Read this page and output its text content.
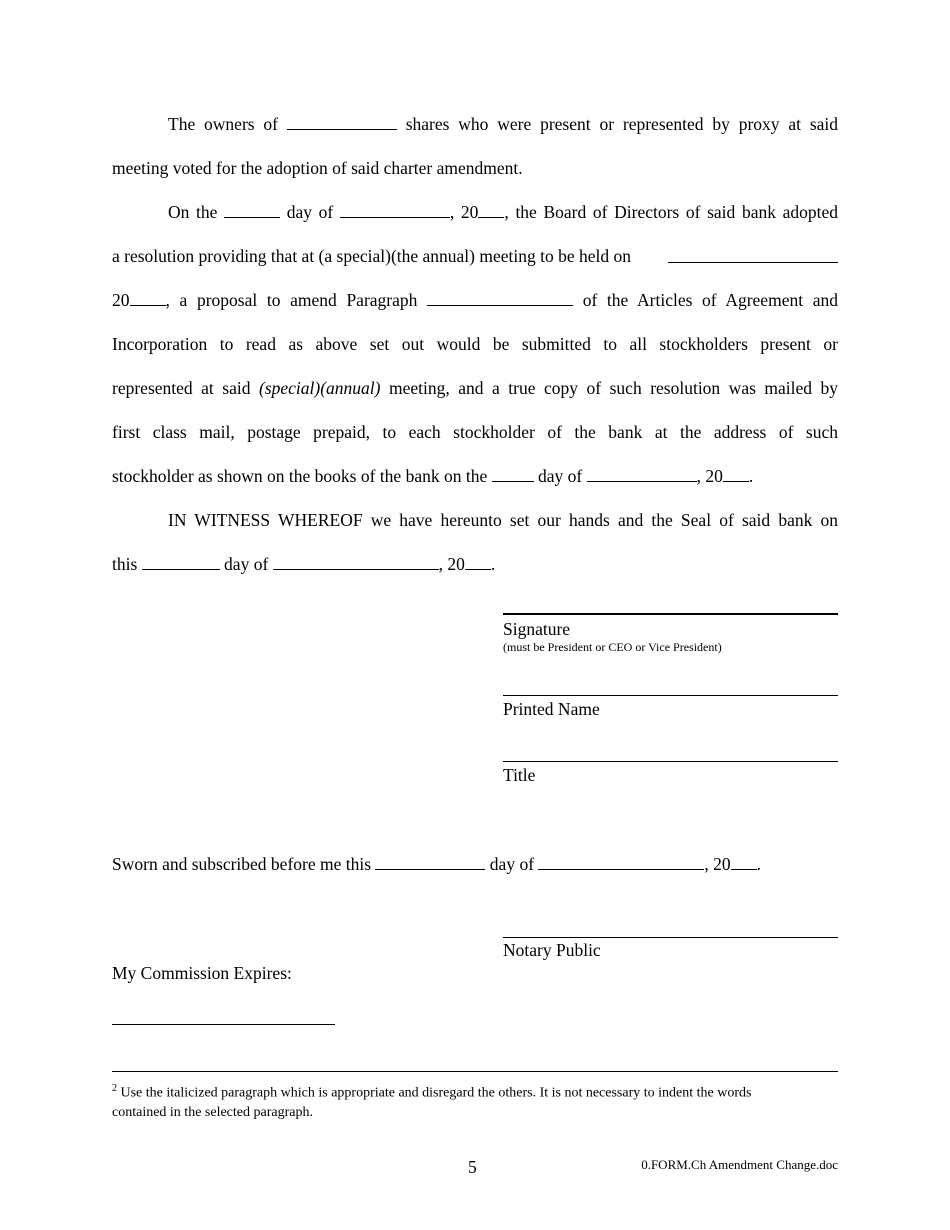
The owners of	shares who were present or represented by proxy at said
meeting voted for the adoption of said charter amendment.
On the	day of	, 20 , the Board of Directors of said bank adopted
a resolution providing that at (a special)(the annual) meeting to be held on
20 , a proposal to amend Paragraph	of the Articles of Agreement and
Incorporation to read as above set out would be submitted to all stockholders present or
represented at said (special)(annual) meeting, and a true copy of such resolution was mailed by
first class mail, postage prepaid, to each stockholder of the bank at the address of such
stockholder as shown on the books of the bank on the	day of	, 20 .
IN WITNESS WHEREOF we have hereunto set our hands and the Seal of said bank on
this	day of	, 20 .
Signature
(must be President or CEO or Vice President)
Printed Name
Title
Sworn and subscribed before me this	day of	, 20 .
Notary Public
My Commission Expires:
$^2$ Use the italicized paragraph which is appropriate and disregard the others. It is not necessary to indent the words
contained in the selected paragraph.
5	0.FORM.Ch Amendment Change.doc
